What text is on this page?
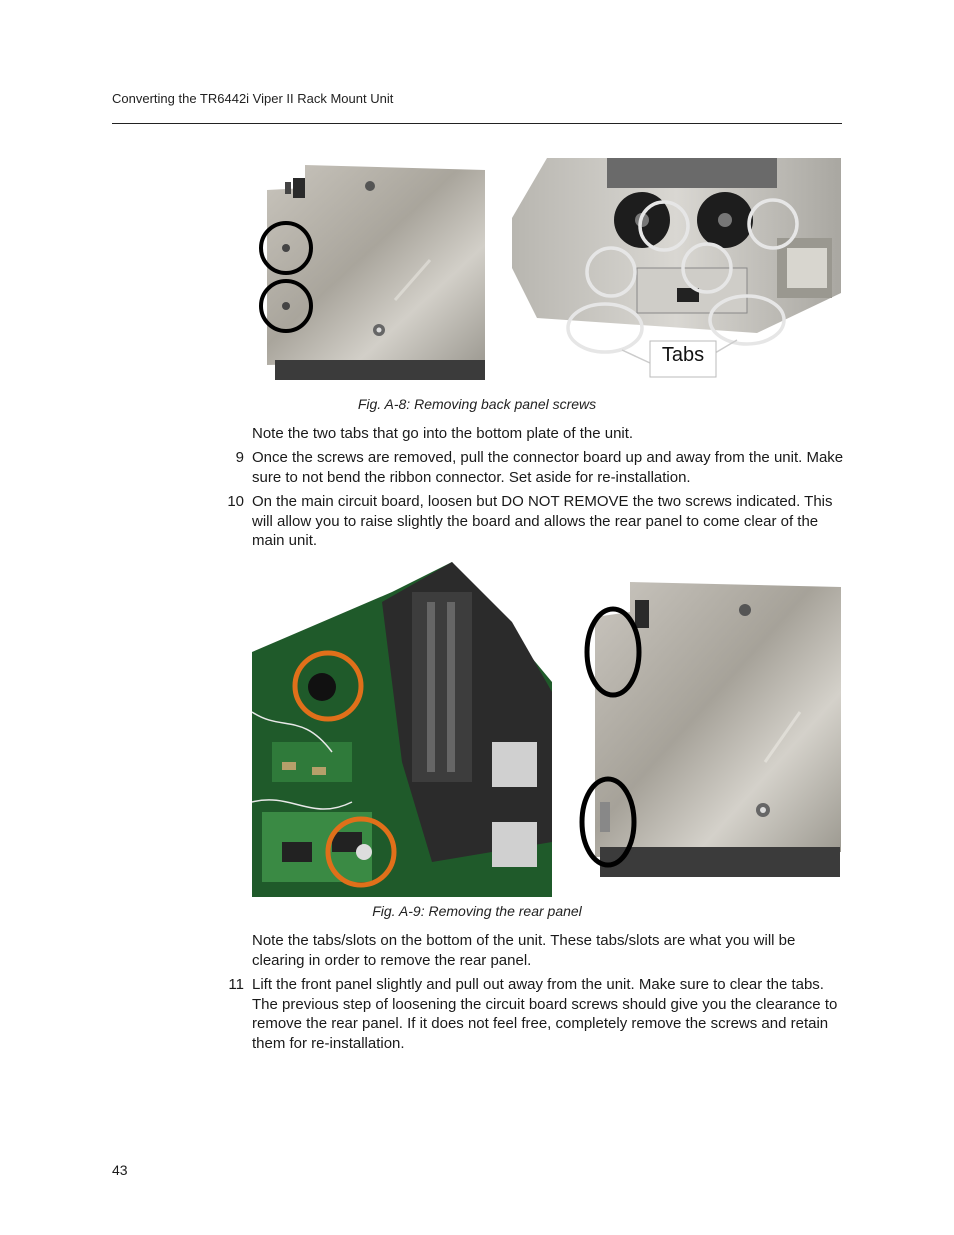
Converting the TR6442i Viper II Rack Mount Unit
Tabs
Fig. A-8: Removing back panel screws
Note the two tabs that go into the bottom plate of the unit.
9 Once the screws are removed, pull the connector board up and away from the unit. Make sure to not bend the ribbon connector. Set aside for re-installation.
10 On the main circuit board, loosen but DO NOT REMOVE the two screws indicated. This will allow you to raise slightly the board and allows the rear panel to come clear of the main unit.
Fig. A-9: Removing the rear panel
Note the tabs/slots on the bottom of the unit. These tabs/slots are what you will be clearing in order to remove the rear panel.
11 Lift the front panel slightly and pull out away from the unit. Make sure to clear the tabs. The previous step of loosening the circuit board screws should give you the clearance to remove the rear panel. If it does not feel free, completely remove the screws and retain them for re-installation.
43
